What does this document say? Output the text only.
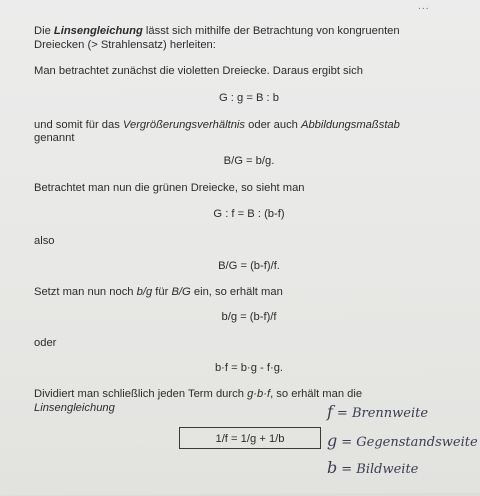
...

Die Linsengleichung lässt sich mithilfe der Betrachtung von kongruenten

Dreiecken (> Strahlensatz) herleiten:

Man betrachtet zunächst die violetten Dreiecke. Daraus ergibt sich

G : g = B : b

und somit für das Vergrößerungsverhältnis oder auch Abbildungsmaßstab

genannt

B/G = b/g.

Betrachtet man nun die grünen Dreiecke, so sieht man

G : f = B : (b-f)

also

B/G = (b-f)/f.

Setzt man nun noch b/g für B/G ein, so erhält man

b/g = (b-f)/f

oder

b·f = b·g - f·g.

Dividiert man schließlich jeden Term durch g·b·f, so erhält man die

Linsengleichung

1/f = 1/g + 1/b
f = Brennweite
g = Gegenstandsweite
b = Bildweite
